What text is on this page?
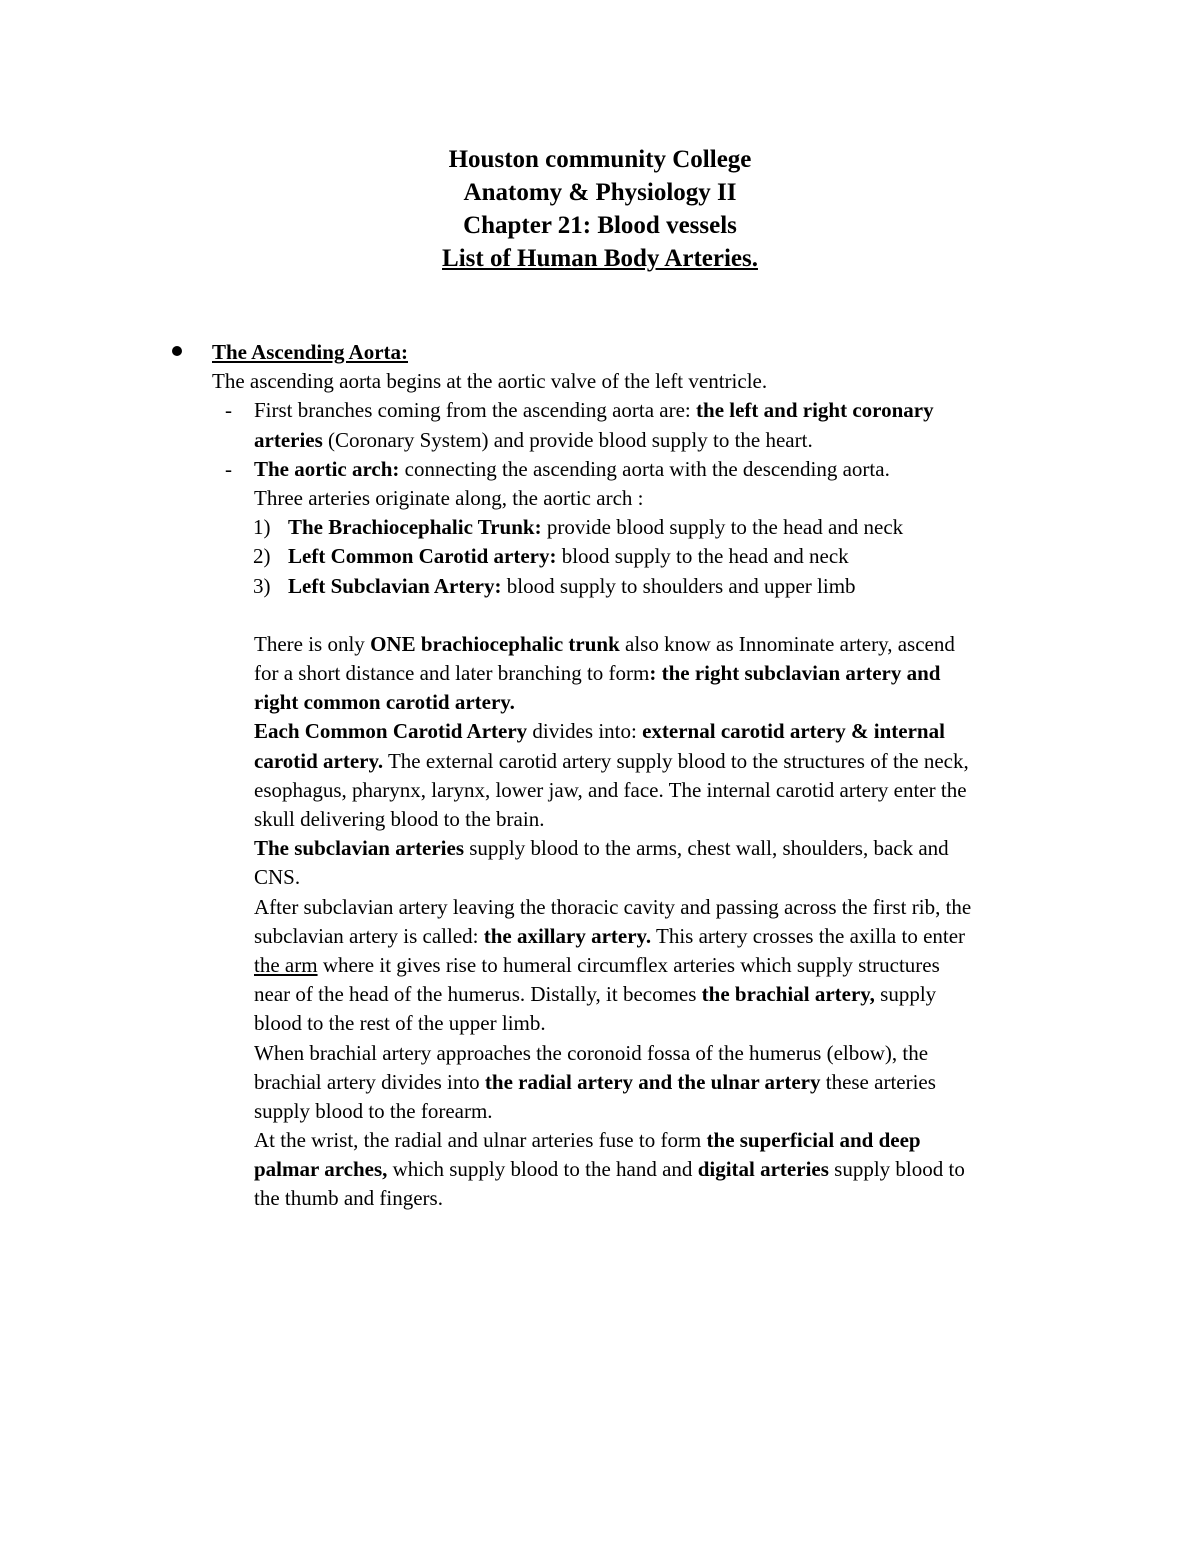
Houston community College
Anatomy & Physiology II
Chapter 21: Blood vessels
List of Human Body Arteries.
The Ascending Aorta:
The ascending aorta begins at the aortic valve of the left ventricle.
- First branches coming from the ascending aorta are: the left and right coronary
arteries (Coronary System) and provide blood supply to the heart.
- The aortic arch: connecting the ascending aorta with the descending aorta.
Three arteries originate along, the aortic arch :
1) The Brachiocephalic Trunk: provide blood supply to the head and neck
2) Left Common Carotid artery: blood supply to the head and neck
3) Left Subclavian Artery: blood supply to shoulders and upper limb
There is only ONE brachiocephalic trunk also know as Innominate artery, ascend
for a short distance and later branching to form: the right subclavian artery and
right common carotid artery.
Each Common Carotid Artery divides into: external carotid artery & internal
carotid artery. The external carotid artery supply blood to the structures of the neck,
esophagus, pharynx, larynx, lower jaw, and face. The internal carotid artery enter the
skull delivering blood to the brain.
The subclavian arteries supply blood to the arms, chest wall, shoulders, back and
CNS.
After subclavian artery leaving the thoracic cavity and passing across the first rib, the
subclavian artery is called: the axillary artery. This artery crosses the axilla to enter
the arm where it gives rise to humeral circumflex arteries which supply structures
near of the head of the humerus. Distally, it becomes the brachial artery, supply
blood to the rest of the upper limb.
When brachial artery approaches the coronoid fossa of the humerus (elbow), the
brachial artery divides into the radial artery and the ulnar artery these arteries
supply blood to the forearm.
At the wrist, the radial and ulnar arteries fuse to form the superficial and deep
palmar arches, which supply blood to the hand and digital arteries supply blood to
the thumb and fingers.
